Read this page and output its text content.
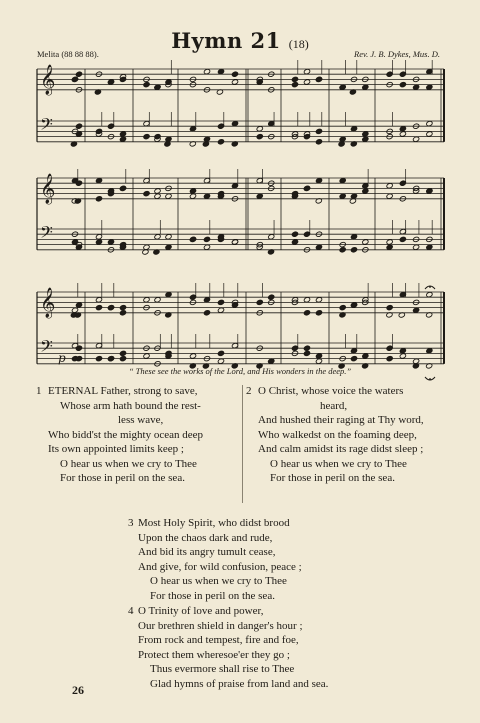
Hymn 21 (18)
Melita (88 88 88).	Rev. J. B. Dykes, Mus. D.
𝄞
𝄢
𝄞
𝄢
𝄞
𝄢 p
“ These see the works of the Lord, and His wonders in the deep.”
1 ETERNAL Father, strong to save,
Whose arm hath bound the rest-
less wave,
Who bidd'st the mighty ocean deep
Its own appointed limits keep ;
O hear us when we cry to Thee
For those in peril on the sea.
2 O Christ, whose voice the waters
heard,
And hushed their raging at Thy word,
Who walkedst on the foaming deep,
And calm amidst its rage didst sleep ;
O hear us when we cry to Thee
For those in peril on the sea.
3 Most Holy Spirit, who didst brood
Upon the chaos dark and rude,
And bid its angry tumult cease,
And give, for wild confusion, peace ;
O hear us when we cry to Thee
For those in peril on the sea.
4 O Trinity of love and power,
Our brethren shield in danger's hour ;
From rock and tempest, fire and foe,
Protect them wheresoe'er they go ;
Thus evermore shall rise to Thee
Glad hymns of praise from land and sea.
26
